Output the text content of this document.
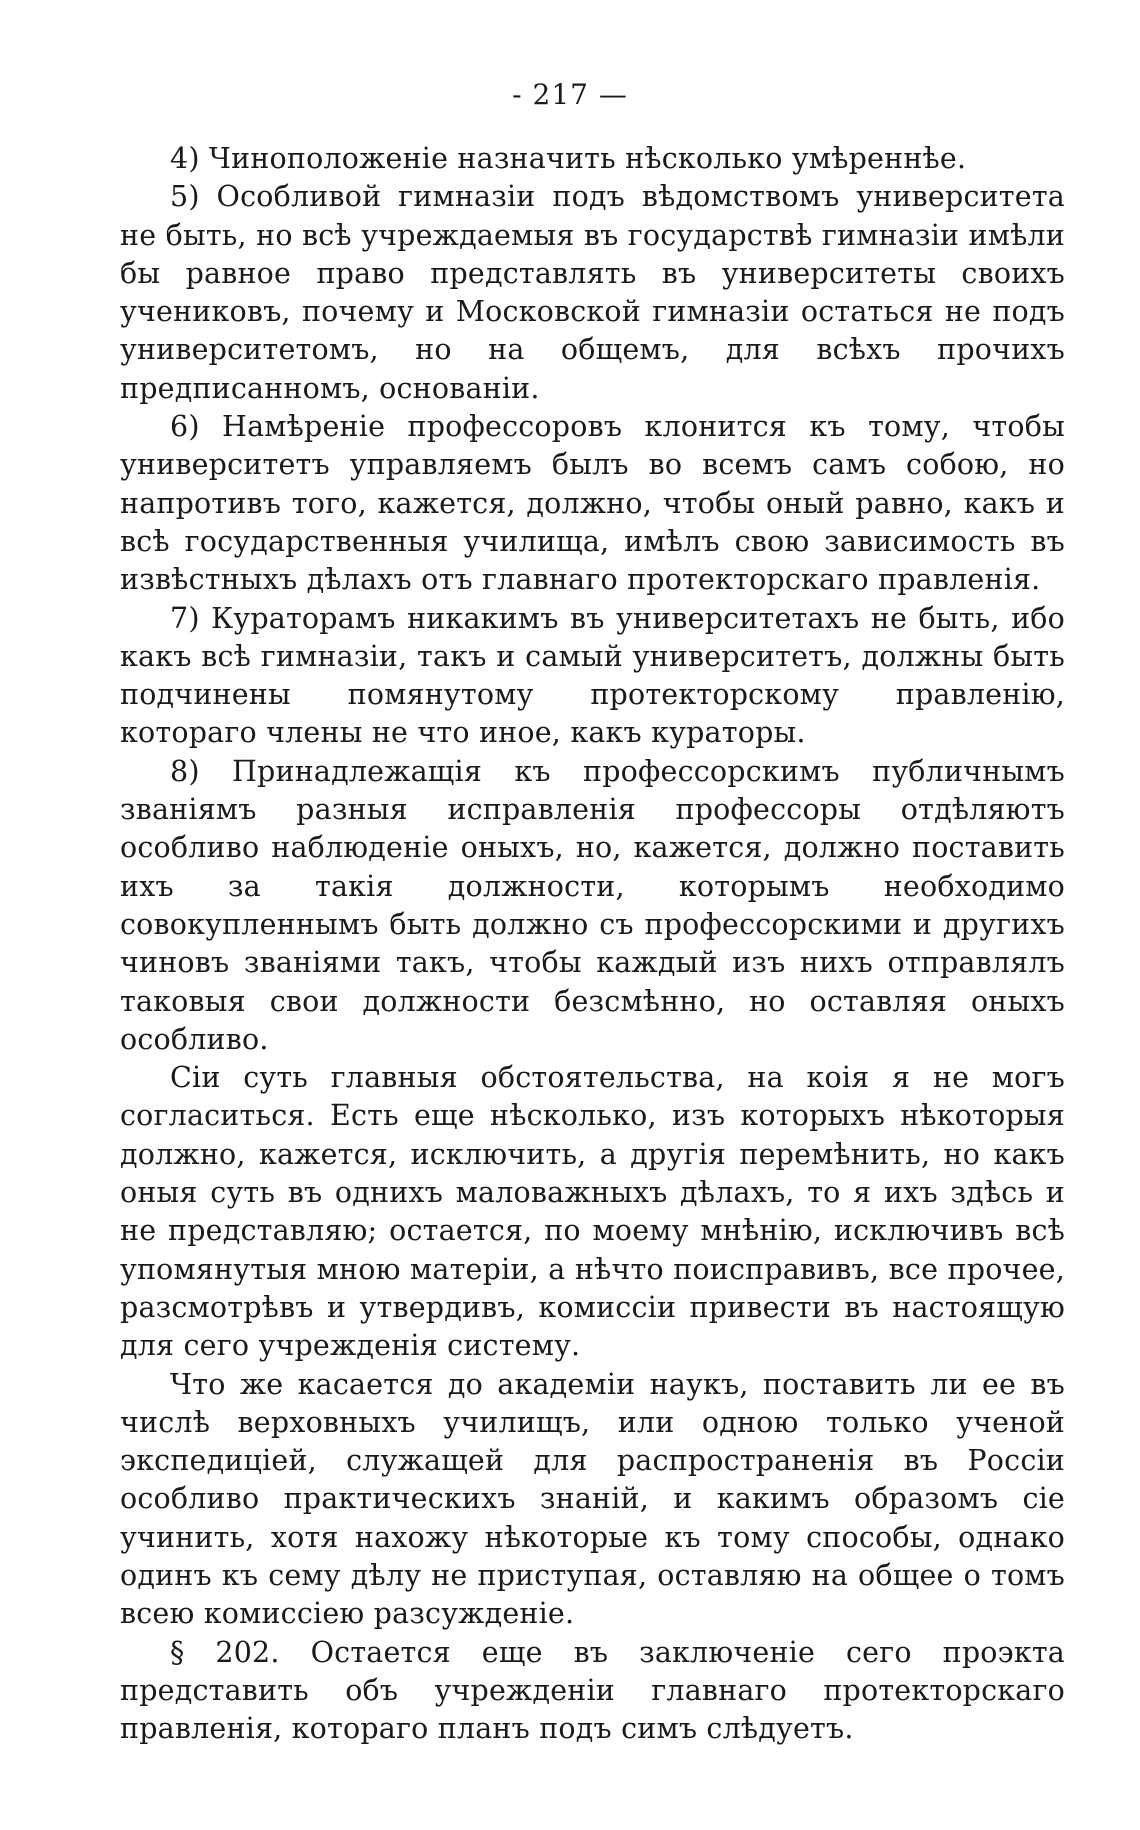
- 217 —

4) Чиноположеніе назначить нѣсколько умѣреннѣе.

5) Особливой гимназіи подъ вѣдомствомъ университета не быть, но всѣ учреждаемыя въ государствѣ гимназіи имѣли бы равное право представлять въ университеты своихъ учениковъ, почему и Московской гимназіи остаться не подъ университетомъ, но на общемъ, для всѣхъ прочихъ предписанномъ, основаніи.

6) Намѣреніе профессоровъ клонится къ тому, чтобы университетъ управляемъ былъ во всемъ самъ собою, но напротивъ того, кажется, должно, чтобы оный равно, какъ и всѣ государственныя училища, имѣлъ свою зависимость въ извѣстныхъ дѣлахъ отъ главнаго протекторскаго правленія.

7) Кураторамъ никакимъ въ университетахъ не быть, ибо какъ всѣ гимназіи, такъ и самый университетъ, должны быть подчинены помянутому протекторскому правленію, котораго члены не что иное, какъ кураторы.

8) Принадлежащія къ профессорскимъ публичнымъ званіямъ разныя исправленія профессоры отдѣляютъ особливо наблюденіе оныхъ, но, кажется, должно поставить ихъ за такія должности, которымъ необходимо совокупленнымъ быть должно съ профессорскими и другихъ чиновъ званіями такъ, чтобы каждый изъ нихъ отправлялъ таковыя свои должности безсмѣнно, но оставляя оныхъ особливо.

Сіи суть главныя обстоятельства, на коія я не могъ согласиться. Есть еще нѣсколько, изъ которыхъ нѣкоторыя должно, кажется, исключить, а другія перемѣнить, но какъ оныя суть въ однихъ маловажныхъ дѣлахъ, то я ихъ здѣсь и не представляю; остается, по моему мнѣнію, исключивъ всѣ упомянутыя мною матеріи, а нѣчто поисправивъ, все прочее, разсмотрѣвъ и утвердивъ, комиссіи привести въ настоящую для сего учрежденія систему.

Что же касается до академіи наукъ, поставить ли ее въ числѣ верховныхъ училищъ, или одною только ученой экспедиціей, служащей для распространенія въ Россіи особливо практическихъ знаній, и какимъ образомъ сіе учинить, хотя нахожу нѣкоторые къ тому способы, однако одинъ къ сему дѣлу не приступая, оставляю на общее о томъ всею комиссіею разсужденіе.

§ 202. Остается еще въ заключеніе сего проэкта представить объ учрежденіи главнаго протекторскаго правленія, котораго планъ подъ симъ слѣдуетъ.
